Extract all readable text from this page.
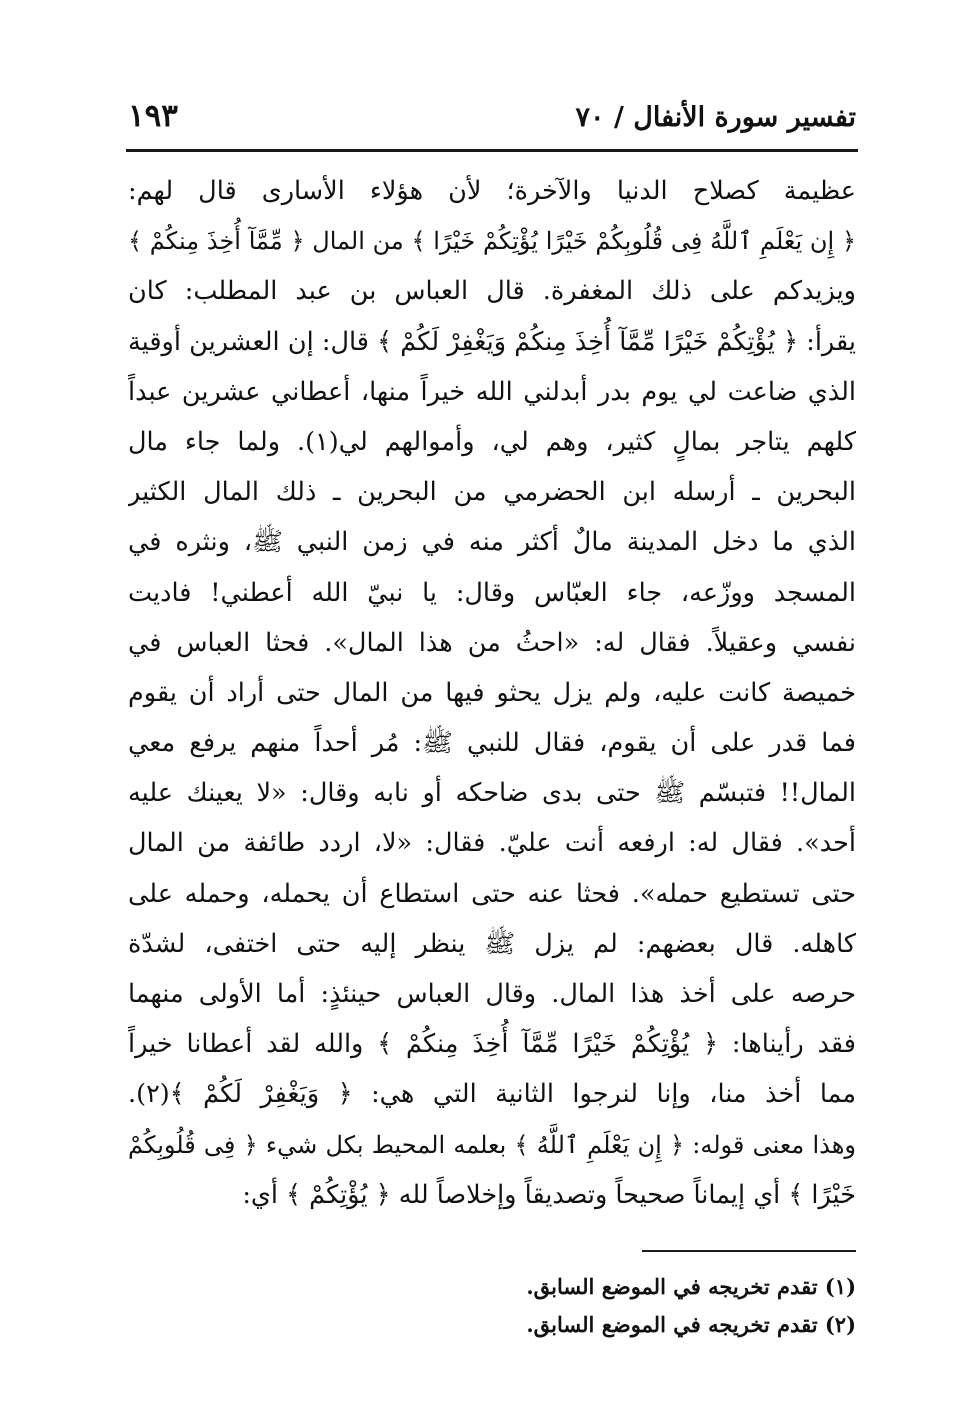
تفسير سورة الأنفال / ٧٠
١٩٣
عظيمة كصلاح الدنيا والآخرة؛ لأن هؤلاء الأسارى قال لهم:
﴿ إِن يَعْلَمِ ٱللَّهُ فِى قُلُوبِكُمْ خَيْرًا يُؤْتِكُمْ خَيْرًا ﴾ من المال ﴿ مِّمَّآ أُخِذَ مِنكُمْ ﴾
ويزيدكم على ذلك المغفرة. قال العباس بن عبد المطلب: كان
يقرأ: ﴿ يُؤْتِكُمْ خَيْرًا مِّمَّآ أُخِذَ مِنكُمْ وَيَغْفِرْ لَكُمْ ﴾ قال: إن العشرين أوقية
الذي ضاعت لي يوم بدر أبدلني الله خيراً منها، أعطاني عشرين عبداً
كلهم يتاجر بمالٍ كثير، وهم لي، وأموالهم لي(١). ولما جاء مال
البحرين ـ أرسله ابن الحضرمي من البحرين ـ ذلك المال الكثير
الذي ما دخل المدينة مالٌ أكثر منه في زمن النبي ﷺ، ونثره في
المسجد ووزّعه، جاء العبّاس وقال: يا نبيّ الله أعطني! فاديت
نفسي وعقيلاً. فقال له: «احثُ من هذا المال». فحثا العباس في
خميصة كانت عليه، ولم يزل يحثو فيها من المال حتى أراد أن يقوم
فما قدر على أن يقوم، فقال للنبي ﷺ: مُر أحداً منهم يرفع معي
المال!! فتبسّم ﷺ حتى بدى ضاحكه أو نابه وقال: «لا يعينك عليه
أحد». فقال له: ارفعه أنت عليّ. فقال: «لا، اردد طائفة من المال
حتى تستطيع حمله». فحثا عنه حتى استطاع أن يحمله، وحمله على
كاهله. قال بعضهم: لم يزل ﷺ ينظر إليه حتى اختفى، لشدّة
حرصه على أخذ هذا المال. وقال العباس حينئذٍ: أما الأولى منهما
فقد رأيناها: ﴿ يُؤْتِكُمْ خَيْرًا مِّمَّآ أُخِذَ مِنكُمْ ﴾ والله لقد أعطانا خيراً
مما أخذ منا، وإنا لنرجوا الثانية التي هي: ﴿ وَيَغْفِرْ لَكُمْ ﴾(٢).
وهذا معنى قوله: ﴿ إِن يَعْلَمِ ٱللَّهُ ﴾ بعلمه المحيط بكل شيء ﴿ فِى قُلُوبِكُمْ
خَيْرًا ﴾ أي إيماناً صحيحاً وتصديقاً وإخلاصاً لله ﴿ يُؤْتِكُمْ ﴾ أي:
(١) تقدم تخريجه في الموضع السابق.
(٢) تقدم تخريجه في الموضع السابق.
